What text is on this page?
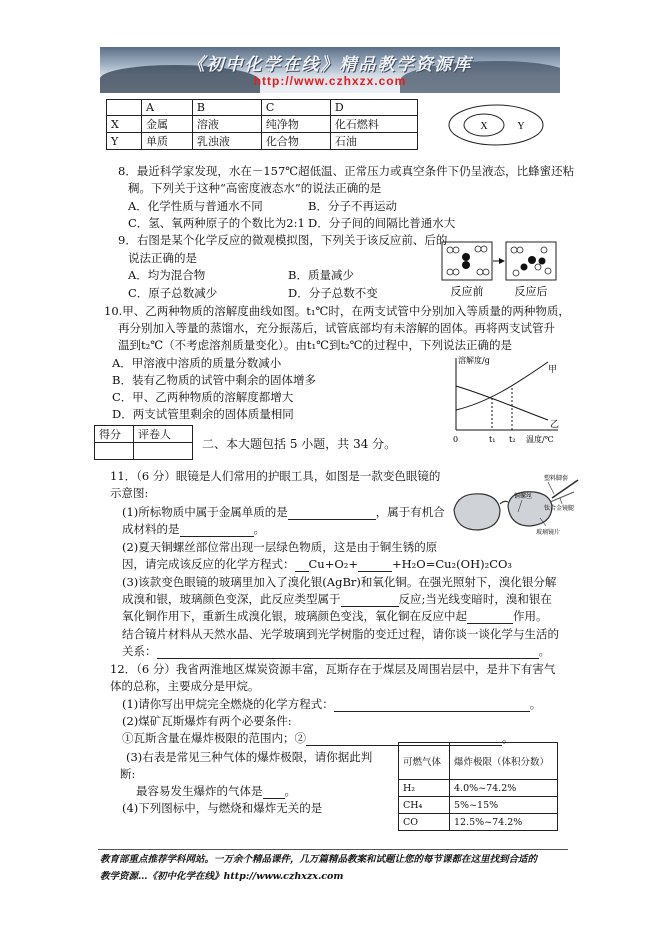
《初中化学在线》精品教学资源库
http://www.czhxzx.com
	A	B	C	D
X	金属	溶液	纯净物	化石燃料
Y	单质	乳浊液	化合物	石油
X	Y
8．最近科学家发现，水在－157℃超低温、正常压力或真空条件下仍呈液态，比蜂蜜还粘
稠。下列关于这种“高密度液态水”的说法正确的是
A．化学性质与普通水不同	B．分子不再运动
C．氢、氧两种原子的个数比为2:1 D．分子间的间隔比普通水大
9．右图是某个化学反应的微观模拟图，下列关于该反应前、后的
说法正确的是
A．均为混合物	B．质量减少
C．原子总数减少	D．分子总数不变	反应前	反应后
10.甲、乙两种物质的溶解度曲线如图。t₁℃时，在两支试管中分别加入等质量的两种物质，
再分别加入等量的蒸馏水，充分振荡后，试管底部均有未溶解的固体。再将两支试管升
温到t₂℃（不考虑溶剂质量变化）。由t₁℃到t₂℃的过程中，下列说法正确的是
A．甲溶液中溶质的质量分数减小
B．装有乙物质的试管中剩余的固体增多
C．甲、乙两种物质的溶解度都增大
D．两支试管里剩余的固体质量相同
溶解度/g
甲
乙
0	t₁ t₂ 温度/℃
得分	评卷人

二、本大题包括 5 小题，共 34 分。
11．（6 分）眼镜是人们常用的护眼工具，如图是一款变色眼镜的
示意图:
(1)所标物质中属于金属单质的是	，属于有机合
成材料的是	。
(2)夏天铜螺丝部位常出现一层绿色物质，这是由于铜生锈的原
因，请完成该反应的化学方程式： Cu+O₂+	+H₂O=Cu₂(OH)₂CO₃
(3)该款变色眼镜的玻璃里加入了溴化银(AgBr)和氧化铜。在强光照射下，溴化银分解
成溴和银，玻璃颜色变深，此反应类型属于	反应;当光线变暗时，溴和银在
氧化铜作用下，重新生成溴化银，玻璃颜色变浅，氧化铜在反应中起	作用。
结合镜片材料从天然水晶、光学玻璃到光学树脂的变迁过程，请你谈一谈化学与生活的
关系：	。
塑料脚套
铜螺丝
钛合金镜腿
玻璃镜片
12．（6 分）我省两淮地区煤炭资源丰富，瓦斯存在于煤层及周围岩层中，是井下有害气
体的总称，主要成分是甲烷。
(1)请你写出甲烷完全燃烧的化学方程式：	。
(2)煤矿瓦斯爆炸有两个必要条件:
①瓦斯含量在爆炸极限的范围内；②	。
(3)右表是常见三种气体的爆炸极限，请你据此判
断:
最容易发生爆炸的气体是 。
(4)下列图标中，与燃烧和爆炸无关的是
可燃气体	爆炸极限（体积分数）
H₂	4.0%~74.2%
CH₄	5%~15%
CO	12.5%~74.2%
教育部重点推荐学科网站。一万余个精品课件，几万篇精品教案和试题让您的每节课都在这里找到合适的
教学资源…《初中化学在线》http://www.czhxzx.com
